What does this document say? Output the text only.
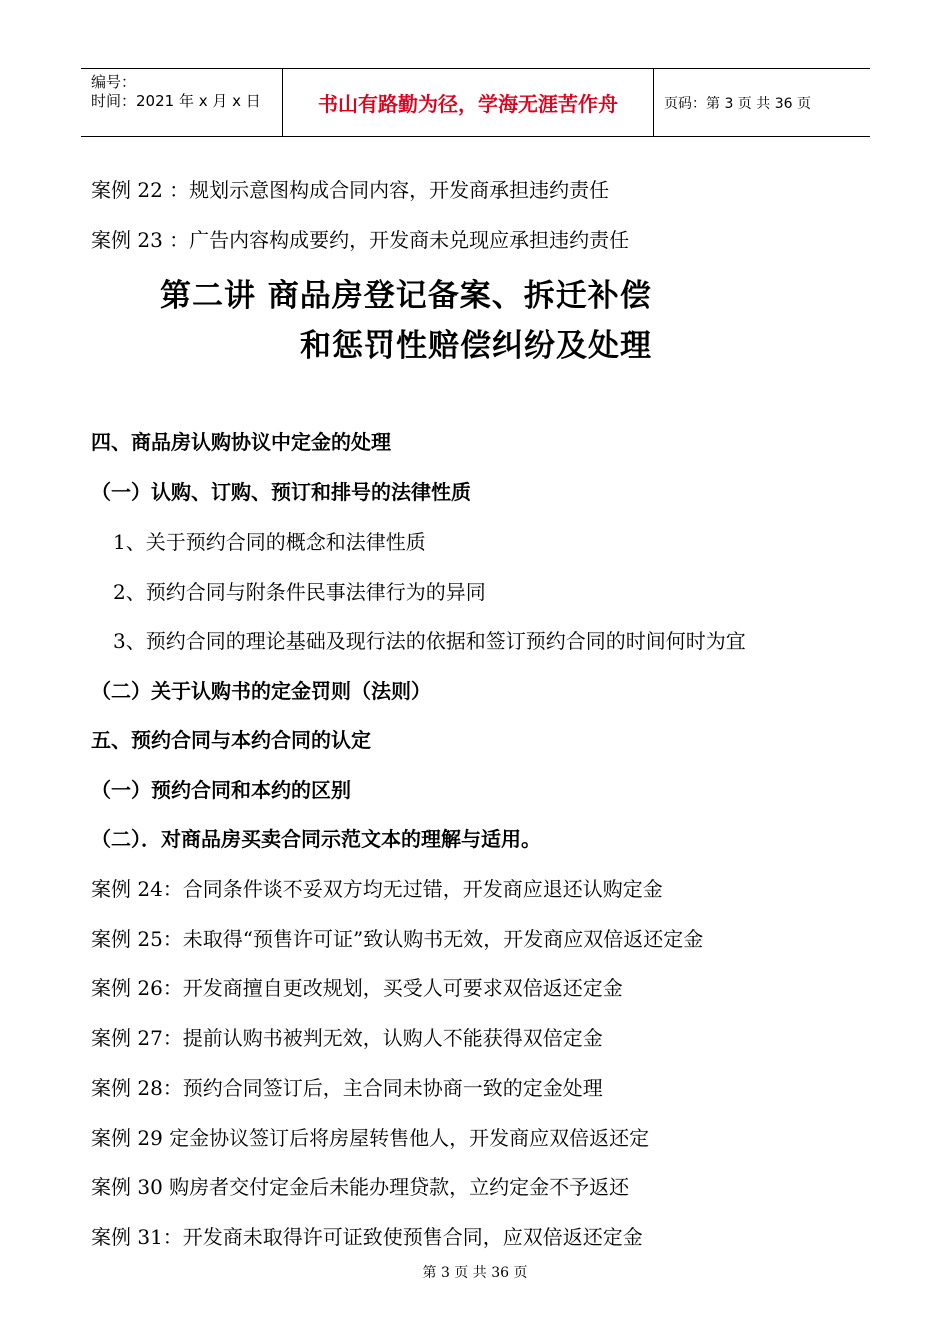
编号：
时间：2021 年 x 月 x 日	书山有路勤为径，学海无涯苦作舟	页码：第 3 页 共 36 页
案例 22 ：规划示意图构成合同内容，开发商承担违约责任
案例 23 ：广告内容构成要约，开发商未兑现应承担违约责任
第二讲 商品房登记备案、拆迁补偿
和惩罚性赔偿纠纷及处理
四、商品房认购协议中定金的处理
（一）认购、订购、预订和排号的法律性质
1、关于预约合同的概念和法律性质
2、预约合同与附条件民事法律行为的异同
3、预约合同的理论基础及现行法的依据和签订预约合同的时间何时为宜
（二）关于认购书的定金罚则（法则）
五、预约合同与本约合同的认定
（一）预约合同和本约的区别
（二）．对商品房买卖合同示范文本的理解与适用。
案例 24：合同条件谈不妥双方均无过错，开发商应退还认购定金
案例 25：未取得“预售许可证”致认购书无效，开发商应双倍返还定金
案例 26：开发商擅自更改规划，买受人可要求双倍返还定金
案例 27：提前认购书被判无效，认购人不能获得双倍定金
案例 28：预约合同签订后，主合同未协商一致的定金处理
案例 29 定金协议签订后将房屋转售他人，开发商应双倍返还定
案例 30 购房者交付定金后未能办理贷款，立约定金不予返还
案例 31：开发商未取得许可证致使预售合同，应双倍返还定金
第 3 页 共 36 页
